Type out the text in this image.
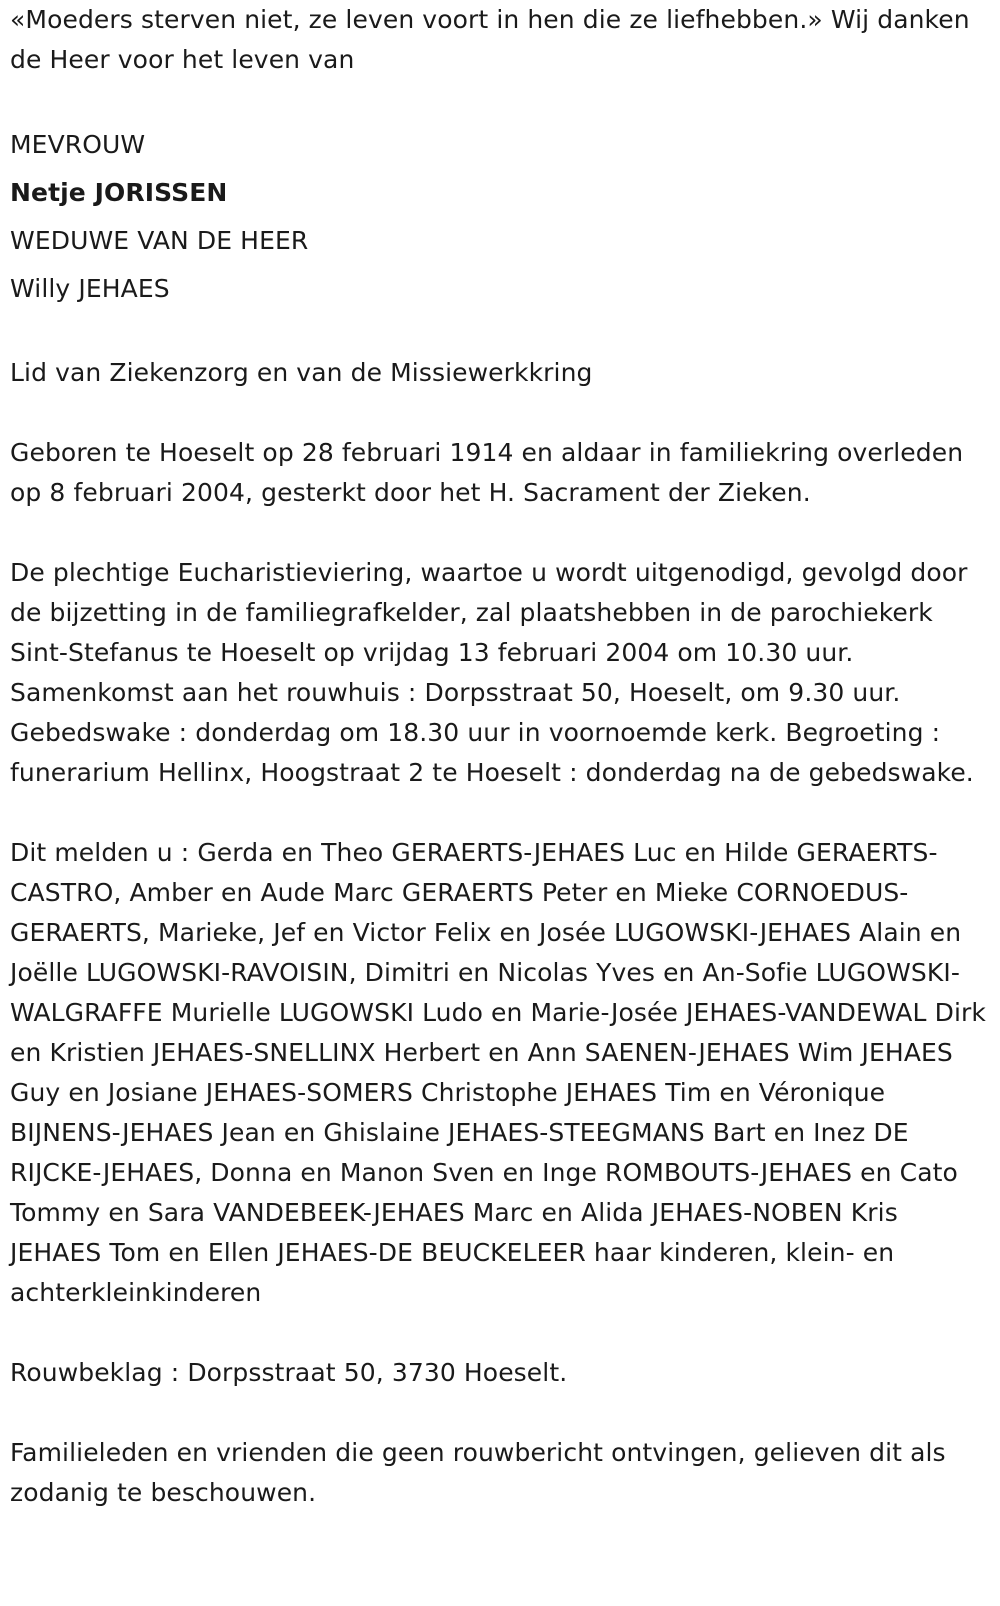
«Moeders sterven niet, ze leven voort in hen die ze liefhebben.» Wij danken de Heer voor het leven van

MEVROUW

Netje JORISSEN

WEDUWE VAN DE HEER

Willy JEHAES

Lid van Ziekenzorg en van de Missiewerkkring

Geboren te Hoeselt op 28 februari 1914 en aldaar in familiekring overleden op 8 februari 2004, gesterkt door het H. Sacrament der Zieken.

De plechtige Eucharistieviering, waartoe u wordt uitgenodigd, gevolgd door de bijzetting in de familiegrafkelder, zal plaatshebben in de parochiekerk Sint-Stefanus te Hoeselt op vrijdag 13 februari 2004 om 10.30 uur. Samenkomst aan het rouwhuis : Dorpsstraat 50, Hoeselt, om 9.30 uur. Gebedswake : donderdag om 18.30 uur in voornoemde kerk. Begroeting : funerarium Hellinx, Hoogstraat 2 te Hoeselt : donderdag na de gebedswake.

Dit melden u : Gerda en Theo GERAERTS-JEHAES Luc en Hilde GERAERTS-CASTRO, Amber en Aude Marc GERAERTS Peter en Mieke CORNOEDUS-GERAERTS, Marieke, Jef en Victor Felix en Josée LUGOWSKI-JEHAES Alain en Joëlle LUGOWSKI-RAVOISIN, Dimitri en Nicolas Yves en An-Sofie LUGOWSKI-WALGRAFFE Murielle LUGOWSKI Ludo en Marie-Josée JEHAES-VANDEWAL Dirk en Kristien JEHAES-SNELLINX Herbert en Ann SAENEN-JEHAES Wim JEHAES Guy en Josiane JEHAES-SOMERS Christophe JEHAES Tim en Véronique BIJNENS-JEHAES Jean en Ghislaine JEHAES-STEEGMANS Bart en Inez DE RIJCKE-JEHAES, Donna en Manon Sven en Inge ROMBOUTS-JEHAES en Cato Tommy en Sara VANDEBEEK-JEHAES Marc en Alida JEHAES-NOBEN Kris JEHAES Tom en Ellen JEHAES-DE BEUCKELEER haar kinderen, klein- en achterkleinkinderen

Rouwbeklag : Dorpsstraat 50, 3730 Hoeselt.

Familieleden en vrienden die geen rouwbericht ontvingen, gelieven dit als zodanig te beschouwen.
